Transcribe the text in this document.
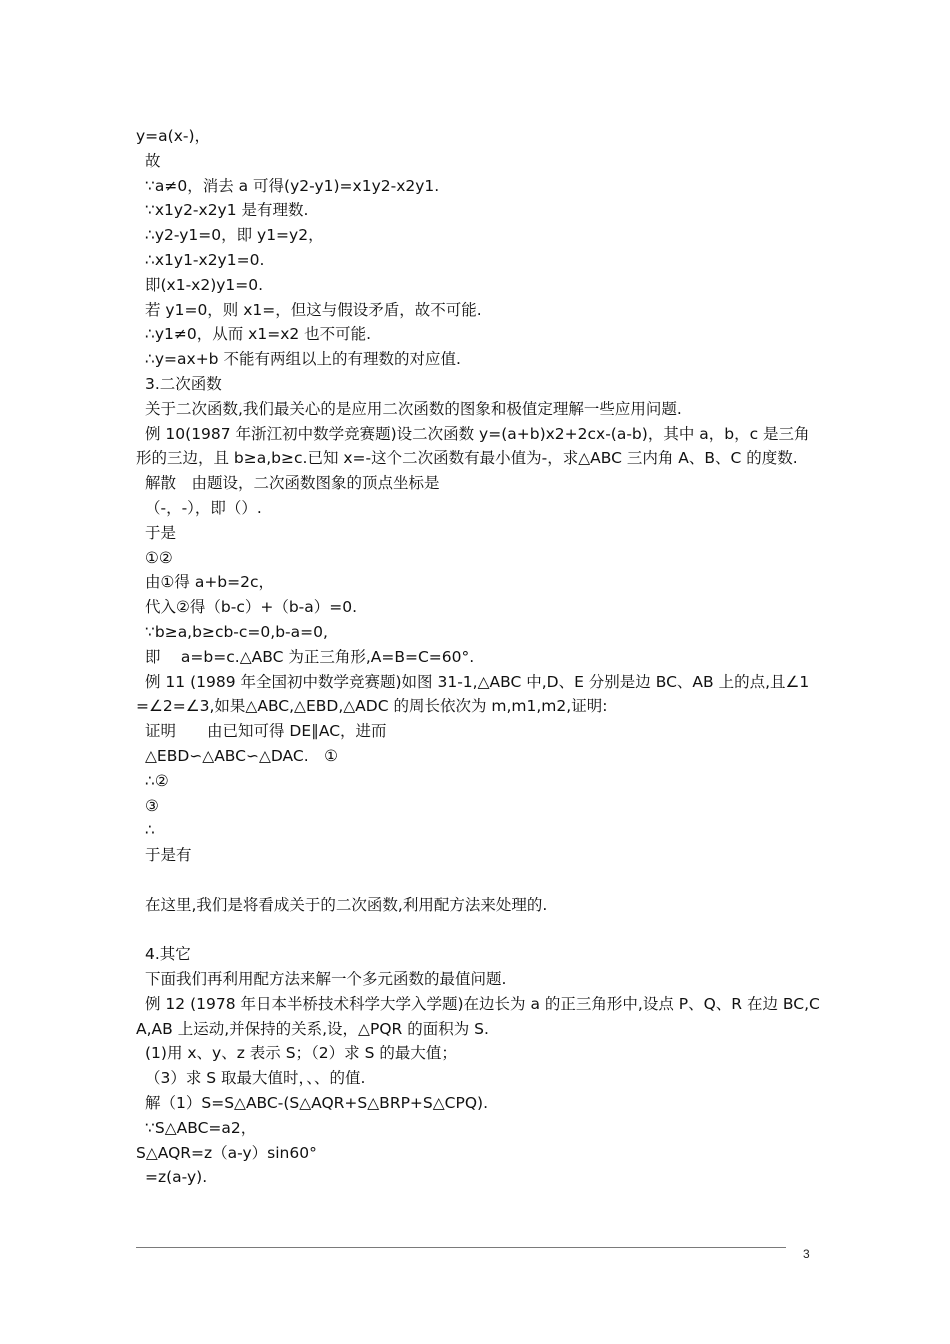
y=a(x-)，
故
∵a≠0，消去 a 可得(y2-y1)=x1y2-x2y1.
∵x1y2-x2y1 是有理数.
∴y2-y1=0，即 y1=y2，
∴x1y1-x2y1=0.
即(x1-x2)y1=0.
若 y1=0，则 x1=，但这与假设矛盾，故不可能.
∴y1≠0，从而 x1=x2 也不可能.
∴y=ax+b 不能有两组以上的有理数的对应值.
3.二次函数
关于二次函数,我们最关心的是应用二次函数的图象和极值定理解一些应用问题.
例 10(1987 年浙江初中数学竞赛题)设二次函数 y=(a+b)x2+2cx-(a-b)，其中 a，b，c 是三角形的三边，且 b≥a,b≥c.已知 x=-这个二次函数有最小值为-，求△ABC 三内角 A、B、C 的度数.
解散　由题设，二次函数图象的顶点坐标是
（-，-），即（）.
于是
①②
由①得 a+b=2c，
代入②得（b-c）+（b-a）=0.
∵b≥a,b≥cb-c=0,b-a=0,
即　 a=b=c.△ABC 为正三角形,A=B=C=60°.
例 11 (1989 年全国初中数学竞赛题)如图 31-1,△ABC 中,D、E 分别是边 BC、AB 上的点,且∠1=∠2=∠3,如果△ABC,△EBD,△ADC 的周长依次为 m,m1,m2,证明:
证明　　由已知可得 DE∥AC，进而
△EBD∽△ABC∽△DAC.　①
∴②
③
∴
于是有
在这里,我们是将看成关于的二次函数,利用配方法来处理的.
4.其它
下面我们再利用配方法来解一个多元函数的最值问题.
例 12 (1978 年日本半桥技术科学大学入学题)在边长为 a 的正三角形中,设点 P、Q、R 在边 BC,CA,AB 上运动,并保持的关系,设，△PQR 的面积为 S.
(1)用 x、y、z 表示 S；（2）求 S 的最大值；
（3）求 S 取最大值时，、、的值.
解（1）S=S△ABC-(S△AQR+S△BRP+S△CPQ).
∵S△ABC=a2，
S△AQR=z（a-y）sin60°
=z(a-y).
3
